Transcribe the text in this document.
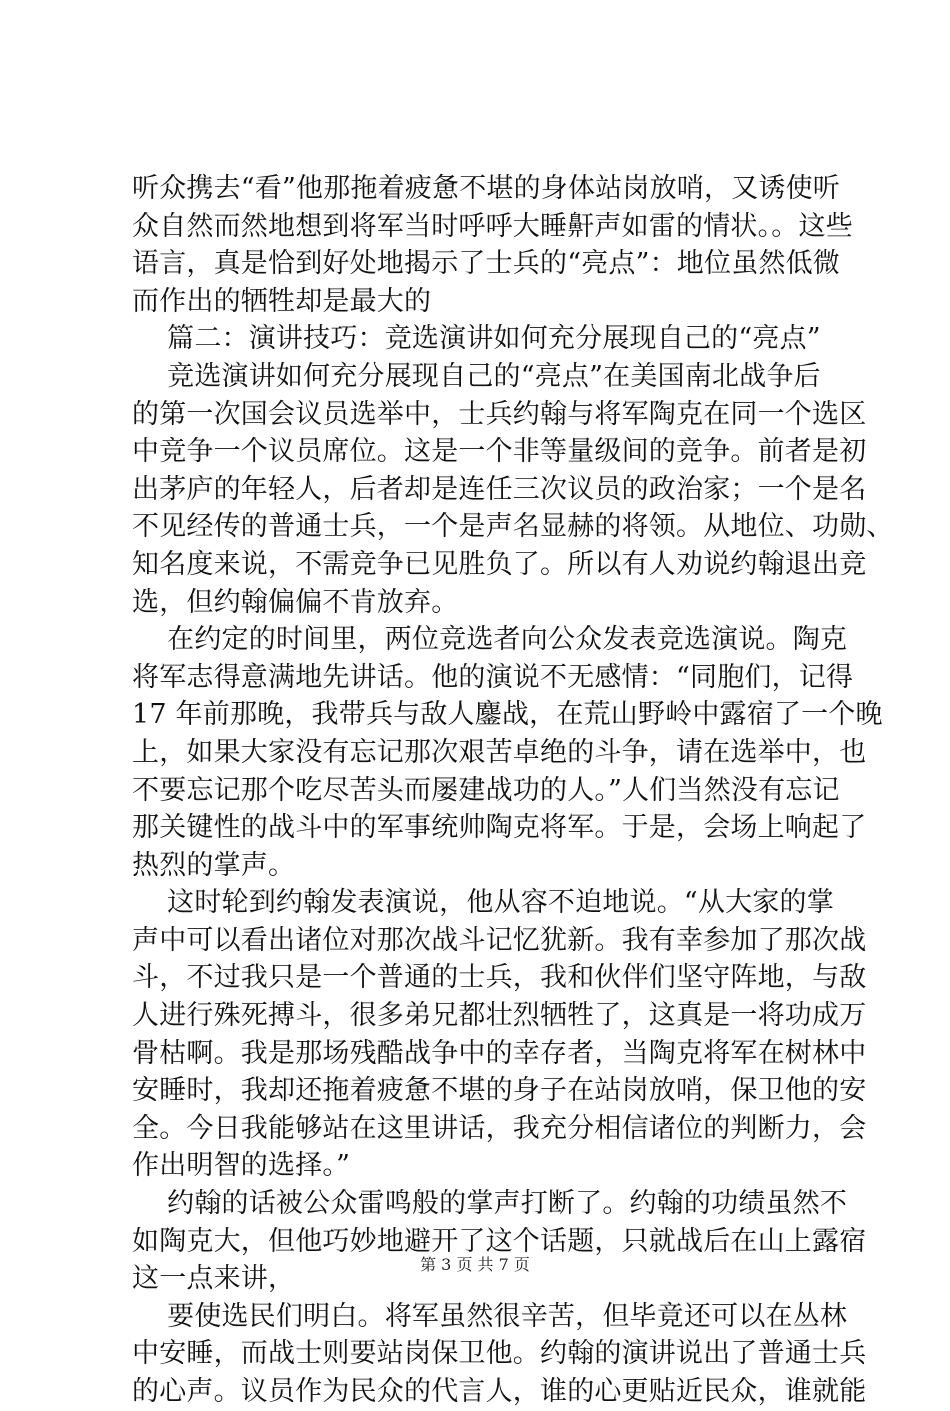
听众携去“看”他那拖着疲惫不堪的身体站岗放哨，又诱使听
众自然而然地想到将军当时呼呼大睡鼾声如雷的情状。。这些
语言，真是恰到好处地揭示了士兵的“亮点”：地位虽然低微
而作出的牺牲却是最大的
篇二：演讲技巧：竞选演讲如何充分展现自己的“亮点”
竞选演讲如何充分展现自己的“亮点”在美国南北战争后
的第一次国会议员选举中，士兵约翰与将军陶克在同一个选区
中竞争一个议员席位。这是一个非等量级间的竞争。前者是初
出茅庐的年轻人，后者却是连任三次议员的政治家；一个是名
不见经传的普通士兵，一个是声名显赫的将领。从地位、功勋、
知名度来说，不需竞争已见胜负了。所以有人劝说约翰退出竞
选，但约翰偏偏不肯放弃。
在约定的时间里，两位竞选者向公众发表竞选演说。陶克
将军志得意满地先讲话。他的演说不无感情：“同胞们，记得
17 年前那晚，我带兵与敌人鏖战，在荒山野岭中露宿了一个晚
上，如果大家没有忘记那次艰苦卓绝的斗争，请在选举中，也
不要忘记那个吃尽苦头而屡建战功的人。”人们当然没有忘记
那关键性的战斗中的军事统帅陶克将军。于是，会场上响起了
热烈的掌声。
这时轮到约翰发表演说，他从容不迫地说。“从大家的掌
声中可以看出诸位对那次战斗记忆犹新。我有幸参加了那次战
斗，不过我只是一个普通的士兵，我和伙伴们坚守阵地，与敌
人进行殊死搏斗，很多弟兄都壮烈牺牲了，这真是一将功成万
骨枯啊。我是那场残酷战争中的幸存者，当陶克将军在树林中
安睡时，我却还拖着疲惫不堪的身子在站岗放哨，保卫他的安
全。今日我能够站在这里讲话，我充分相信诸位的判断力，会
作出明智的选择。”
约翰的话被公众雷鸣般的掌声打断了。约翰的功绩虽然不
如陶克大，但他巧妙地避开了这个话题，只就战后在山上露宿
这一点来讲，
要使选民们明白。将军虽然很辛苦，但毕竟还可以在丛林
中安睡，而战士则要站岗保卫他。约翰的演讲说出了普通士兵
的心声。议员作为民众的代言人，谁的心更贴近民众，谁就能
第 3 页 共 7 页
